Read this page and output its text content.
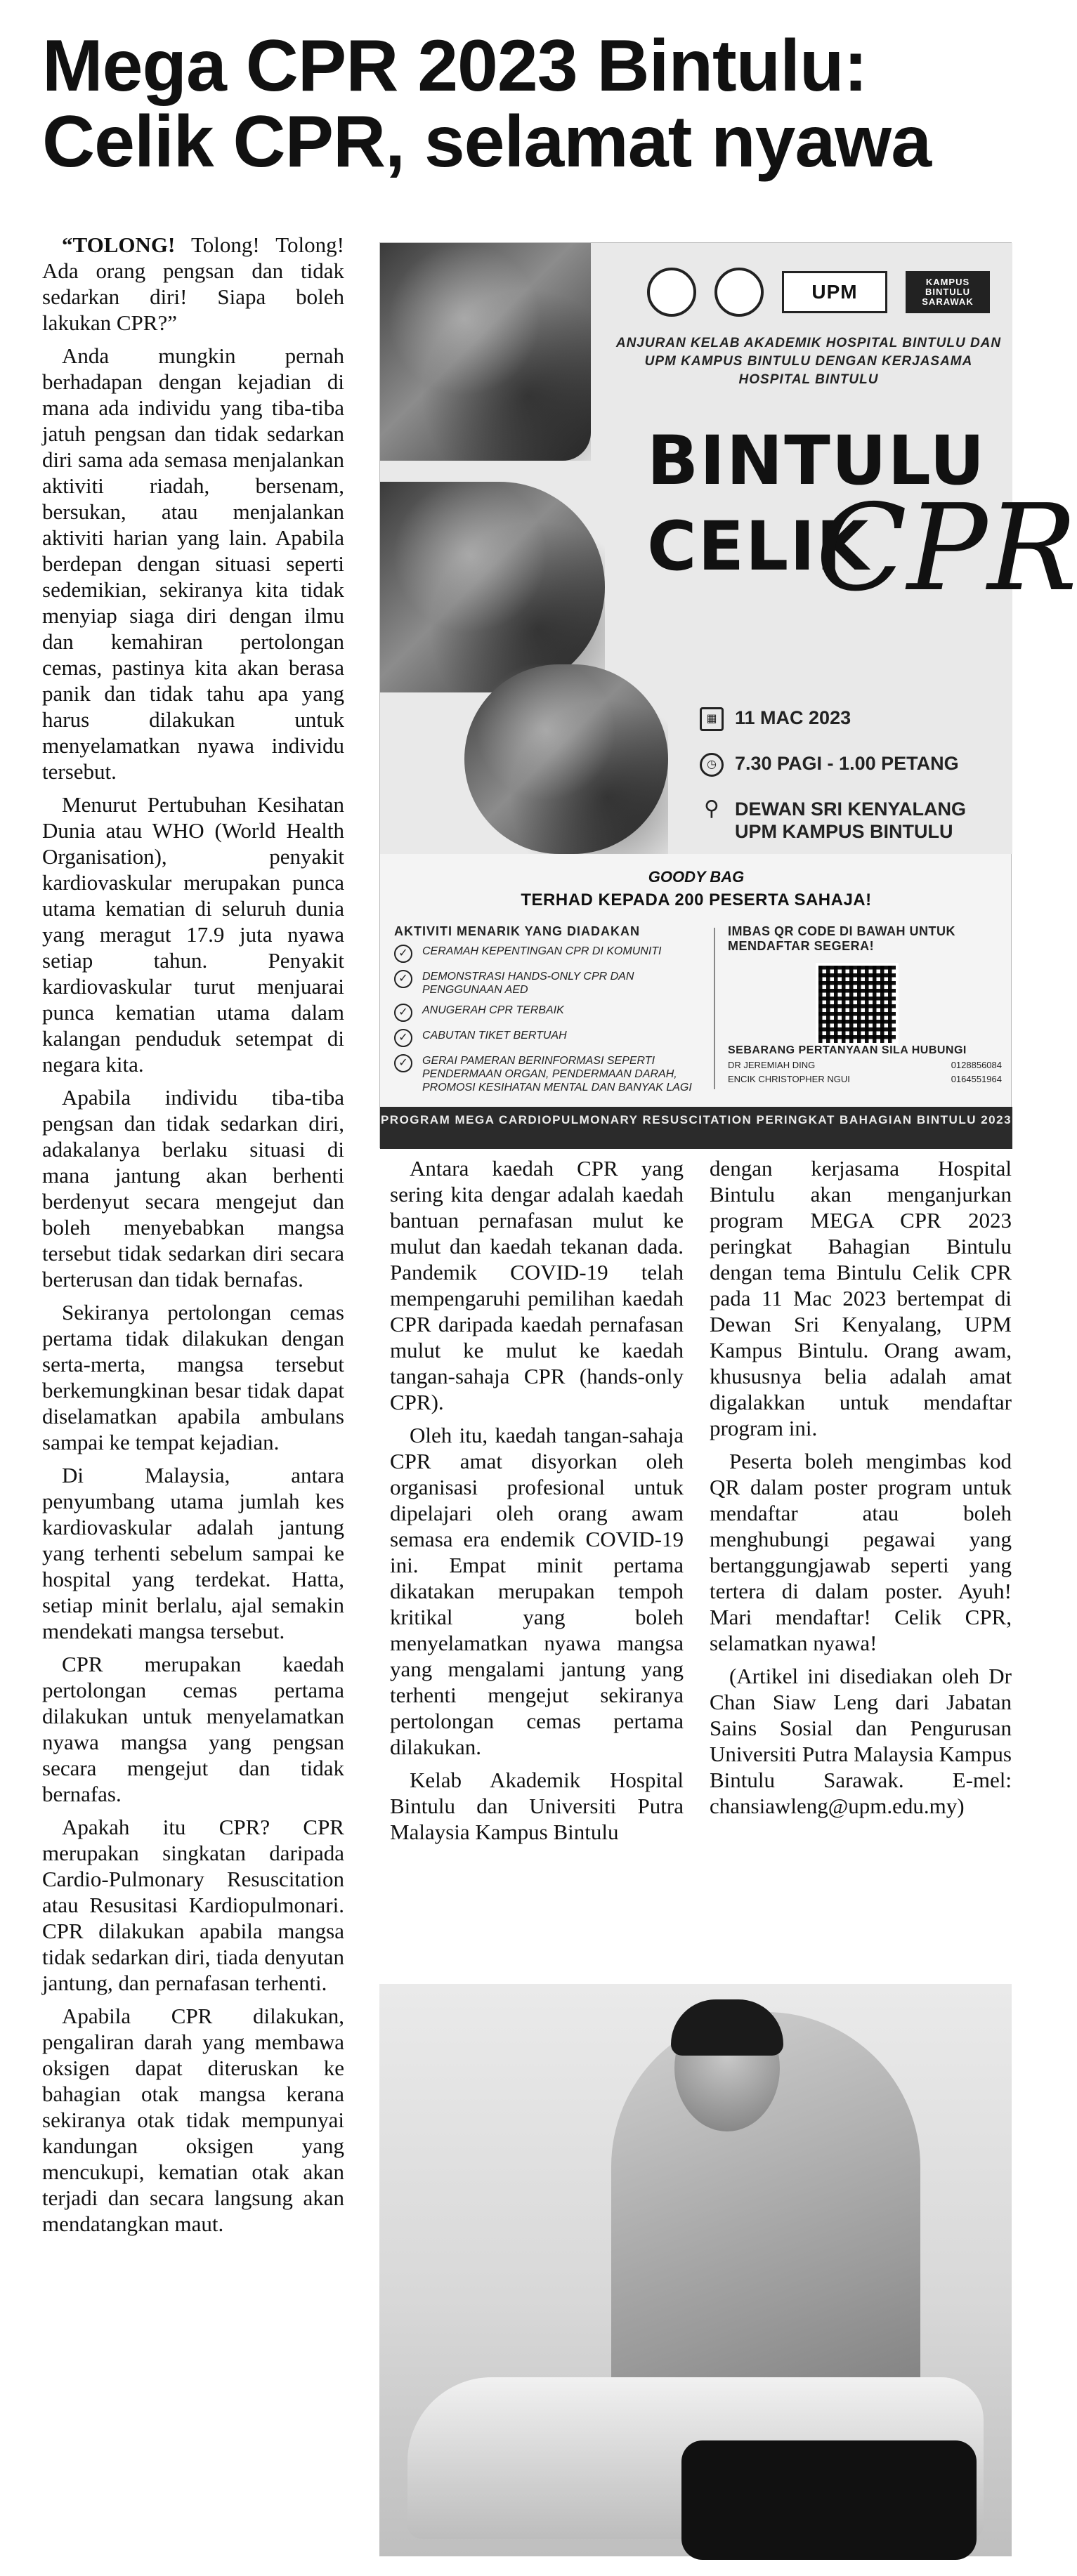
Mega CPR 2023 Bintulu:
Celik CPR, selamat nyawa

“TOLONG! Tolong! Tolong! Ada orang pengsan dan tidak sedarkan diri! Siapa boleh lakukan CPR?”

Anda mungkin pernah berhadapan dengan kejadian di mana ada individu yang tiba-tiba jatuh pengsan dan tidak sedarkan diri sama ada semasa menjalankan aktiviti riadah, bersenam, bersukan, atau menjalankan aktiviti harian yang lain. Apabila berdepan dengan situasi seperti sedemikian, sekiranya kita tidak menyiap siaga diri dengan ilmu dan kemahiran pertolongan cemas, pastinya kita akan berasa panik dan tidak tahu apa yang harus dilakukan untuk menyelamatkan nyawa individu tersebut.

Menurut Pertubuhan Kesihatan Dunia atau WHO (World Health Organisation), penyakit kardiovaskular merupakan punca utama kematian di seluruh dunia yang meragut 17.9 juta nyawa setiap tahun. Penyakit kardiovaskular turut menjuarai punca kematian utama dalam kalangan penduduk setempat di negara kita.

Apabila individu tiba-tiba pengsan dan tidak sedarkan diri, adakalanya berlaku situasi di mana jantung akan berhenti berdenyut secara mengejut dan boleh menyebabkan mangsa tersebut tidak sedarkan diri secara berterusan dan tidak bernafas.

Sekiranya pertolongan cemas pertama tidak dilakukan dengan serta-merta, mangsa tersebut berkemungkinan besar tidak dapat diselamatkan apabila ambulans sampai ke tempat kejadian.

Di Malaysia, antara penyumbang utama jumlah kes kardiovaskular adalah jantung yang terhenti sebelum sampai ke hospital yang terdekat. Hatta, setiap minit berlalu, ajal semakin mendekati mangsa tersebut.

CPR merupakan kaedah pertolongan cemas pertama dilakukan untuk menyelamatkan nyawa mangsa yang pengsan secara mengejut dan tidak bernafas.

Apakah itu CPR? CPR merupakan singkatan daripada Cardio-Pulmonary Resuscitation atau Resusitasi Kardiopulmonari. CPR dilakukan apabila mangsa tidak sedarkan diri, tiada denyutan jantung, dan pernafasan terhenti.

Apabila CPR dilakukan, pengaliran darah yang membawa oksigen dapat diteruskan ke bahagian otak mangsa kerana sekiranya otak tidak mempunyai kandungan oksigen yang mencukupi, kematian otak akan terjadi dan secara langsung akan mendatangkan maut.

UPM	KAMPUS BINTULU SARAWAK
ANJURAN KELAB AKADEMIK HOSPITAL BINTULU DAN UPM KAMPUS BINTULU DENGAN KERJASAMA HOSPITAL BINTULU
BINTULU
CELIK
CPR
▦ 11 MAC 2023
◷ 7.30 PAGI - 1.00 PETANG
⚲ DEWAN SRI KENYALANG
UPM KAMPUS BINTULU
GOODY BAG
TERHAD KEPADA 200 PESERTA SAHAJA!
AKTIVITI MENARIK YANG DIADAKAN
✓	CERAMAH KEPENTINGAN CPR DI KOMUNITI
✓	DEMONSTRASI HANDS-ONLY CPR DAN PENGGUNAAN AED
✓	ANUGERAH CPR TERBAIK
✓	CABUTAN TIKET BERTUAH
✓	GERAI PAMERAN BERINFORMASI SEPERTI PENDERMAAN ORGAN, PENDERMAAN DARAH, PROMOSI KESIHATAN MENTAL DAN BANYAK LAGI
IMBAS QR CODE DI BAWAH UNTUK MENDAFTAR SEGERA!
SEBARANG PERTANYAAN SILA HUBUNGI
DR JEREMIAH DING	0128856084
ENCIK CHRISTOPHER NGUI	0164551964
PROGRAM MEGA CARDIOPULMONARY RESUSCITATION PERINGKAT BAHAGIAN BINTULU 2023

Antara kaedah CPR yang sering kita dengar adalah kaedah bantuan pernafasan mulut ke mulut dan kaedah tekanan dada. Pandemik COVID-19 telah mempengaruhi pemilihan kaedah CPR daripada kaedah pernafasan mulut ke mulut ke kaedah tangan-sahaja CPR (hands-only CPR).

Oleh itu, kaedah tangan-sahaja CPR amat disyorkan oleh organisasi profesional untuk dipelajari oleh orang awam semasa era endemik COVID-19 ini. Empat minit pertama dikatakan merupakan tempoh kritikal yang boleh menyelamatkan nyawa mangsa yang mengalami jantung yang terhenti mengejut sekiranya pertolongan cemas pertama dilakukan.

Kelab Akademik Hospital Bintulu dan Universiti Putra Malaysia Kampus Bintulu

dengan kerjasama Hospital Bintulu akan menganjurkan program MEGA CPR 2023 peringkat Bahagian Bintulu dengan tema Bintulu Celik CPR pada 11 Mac 2023 bertempat di Dewan Sri Kenyalang, UPM Kampus Bintulu. Orang awam, khususnya belia adalah amat digalakkan untuk mendaftar program ini.

Peserta boleh mengimbas kod QR dalam poster program untuk mendaftar atau boleh menghubungi pegawai yang bertanggungjawab seperti yang tertera di dalam poster. Ayuh! Mari mendaftar! Celik CPR, selamatkan nyawa!

(Artikel ini disediakan oleh Dr Chan Siaw Leng dari Jabatan Sains Sosial dan Pengurusan Universiti Putra Malaysia Kampus Bintulu Sarawak. E-mel: chansiawleng@upm.edu.my)
